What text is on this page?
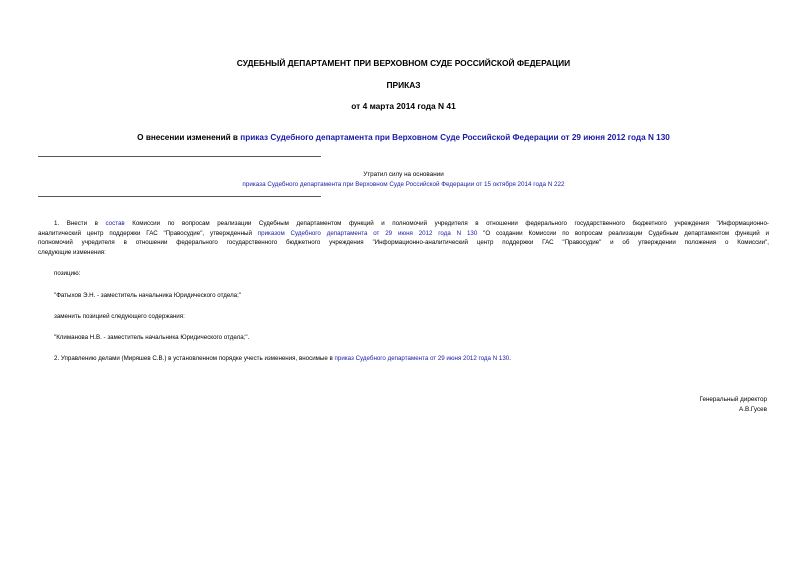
СУДЕБНЫЙ ДЕПАРТАМЕНТ ПРИ ВЕРХОВНОМ СУДЕ РОССИЙСКОЙ ФЕДЕРАЦИИ
ПРИКАЗ
от 4 марта 2014 года N 41
О внесении изменений в приказ Судебного департамента при Верховном Суде Российской Федерации от 29 июня 2012 года N 130
Утратил силу на основании
приказа Судебного департамента при Верховном Суде Российской Федерации от 15 октября 2014 года N 222
1. Внести в состав Комиссии по вопросам реализации Судебным департаментом функций и полномочий учредителя в отношении федерального государственного бюджетного учреждения "Информационно-
аналитический центр поддержки ГАС "Правосудие", утвержденный приказом Судебного департамента от 29 июня 2012 года N 130 "О создании Комиссии по вопросам реализации Судебным департаментом функций и
полномочий учредителя в отношении федерального государственного бюджетного учреждения "Информационно-аналитический центр поддержки ГАС "Правосудие" и об утверждении положения о Комиссии",
следующие изменения:
позицию:
"Фатыхов Э.Н. - заместитель начальника Юридического отдела;"
заменить позицией следующего содержания:
"Климанова Н.В. - заместитель начальника Юридического отдела;".
2. Управлению делами (Миряшев С.В.) в установленном порядке учесть изменения, вносимые в приказ Судебного департамента от 29 июня 2012 года N 130.
Генеральный директор
А.В.Гусев
